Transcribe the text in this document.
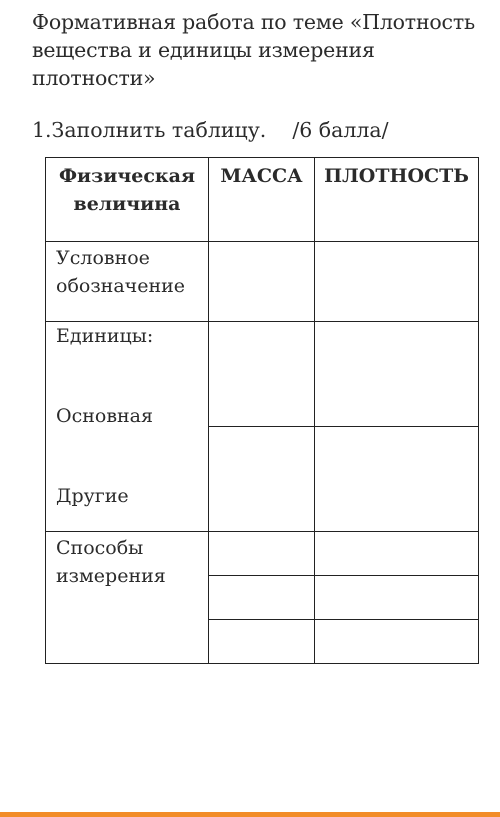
Формативная работа по теме «Плотность вещества и единицы измерения плотности»
1.Заполнить таблицу.    /6 балла/
Физическая величина	МАССА	ПЛОТНОСТЬ
Условное обозначение		

Единицы:
Основная
Другие		

Способы измерения		
